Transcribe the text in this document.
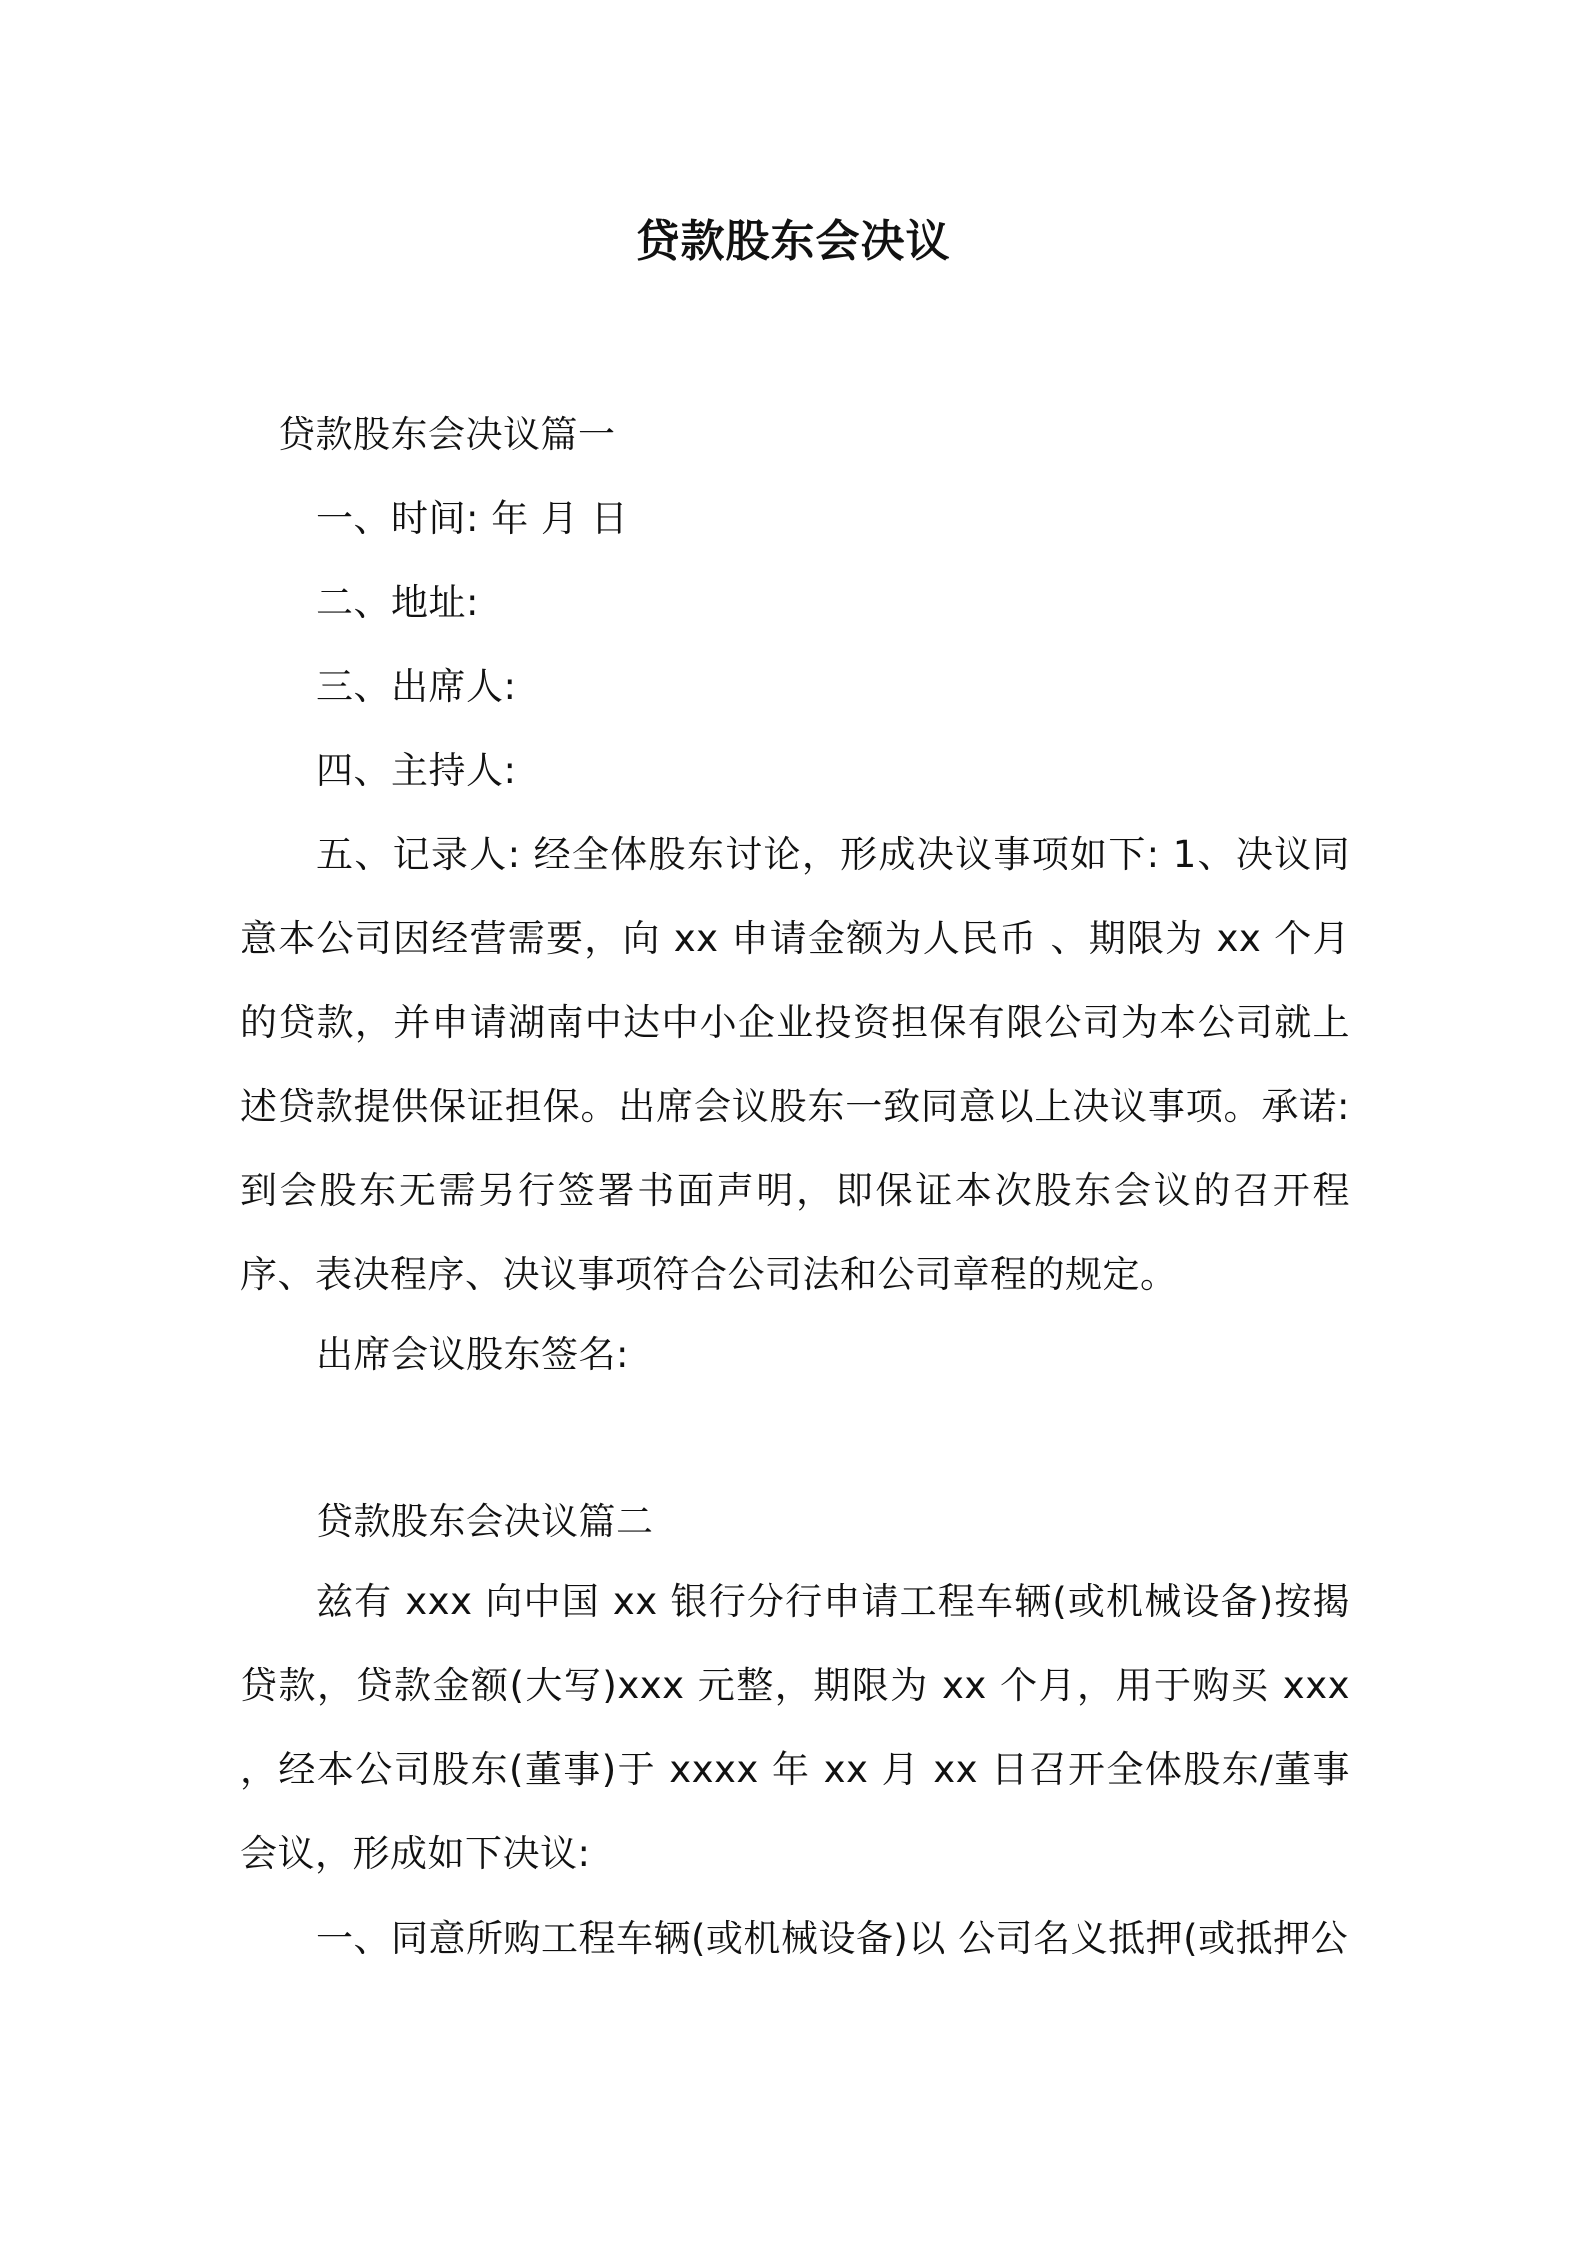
贷款股东会决议
贷款股东会决议篇一
一、时间: 年 月 日
二、地址:
三、出席人:
四、主持人:

五、记录人: 经全体股东讨论，形成决议事项如下: 1、决议同意本公司因经营需要，向 xx 申请金额为人民币 、期限为 xx 个月的贷款，并申请湖南中达中小企业投资担保有限公司为本公司就上述贷款提供保证担保。出席会议股东一致同意以上决议事项。承诺: 到会股东无需另行签署书面声明，即保证本次股东会议的召开程序、表决程序、决议事项符合公司法和公司章程的规定。

出席会议股东签名:
贷款股东会决议篇二

兹有 xxx 向中国 xx 银行分行申请工程车辆(或机械设备)按揭贷款，贷款金额(大写)xxx 元整，期限为 xx 个月，用于购买 xxx ，经本公司股东(董事)于 xxxx 年 xx 月 xx 日召开全体股东/董事会议，形成如下决议:

一、同意所购工程车辆(或机械设备)以 公司名义抵押(或抵押公
